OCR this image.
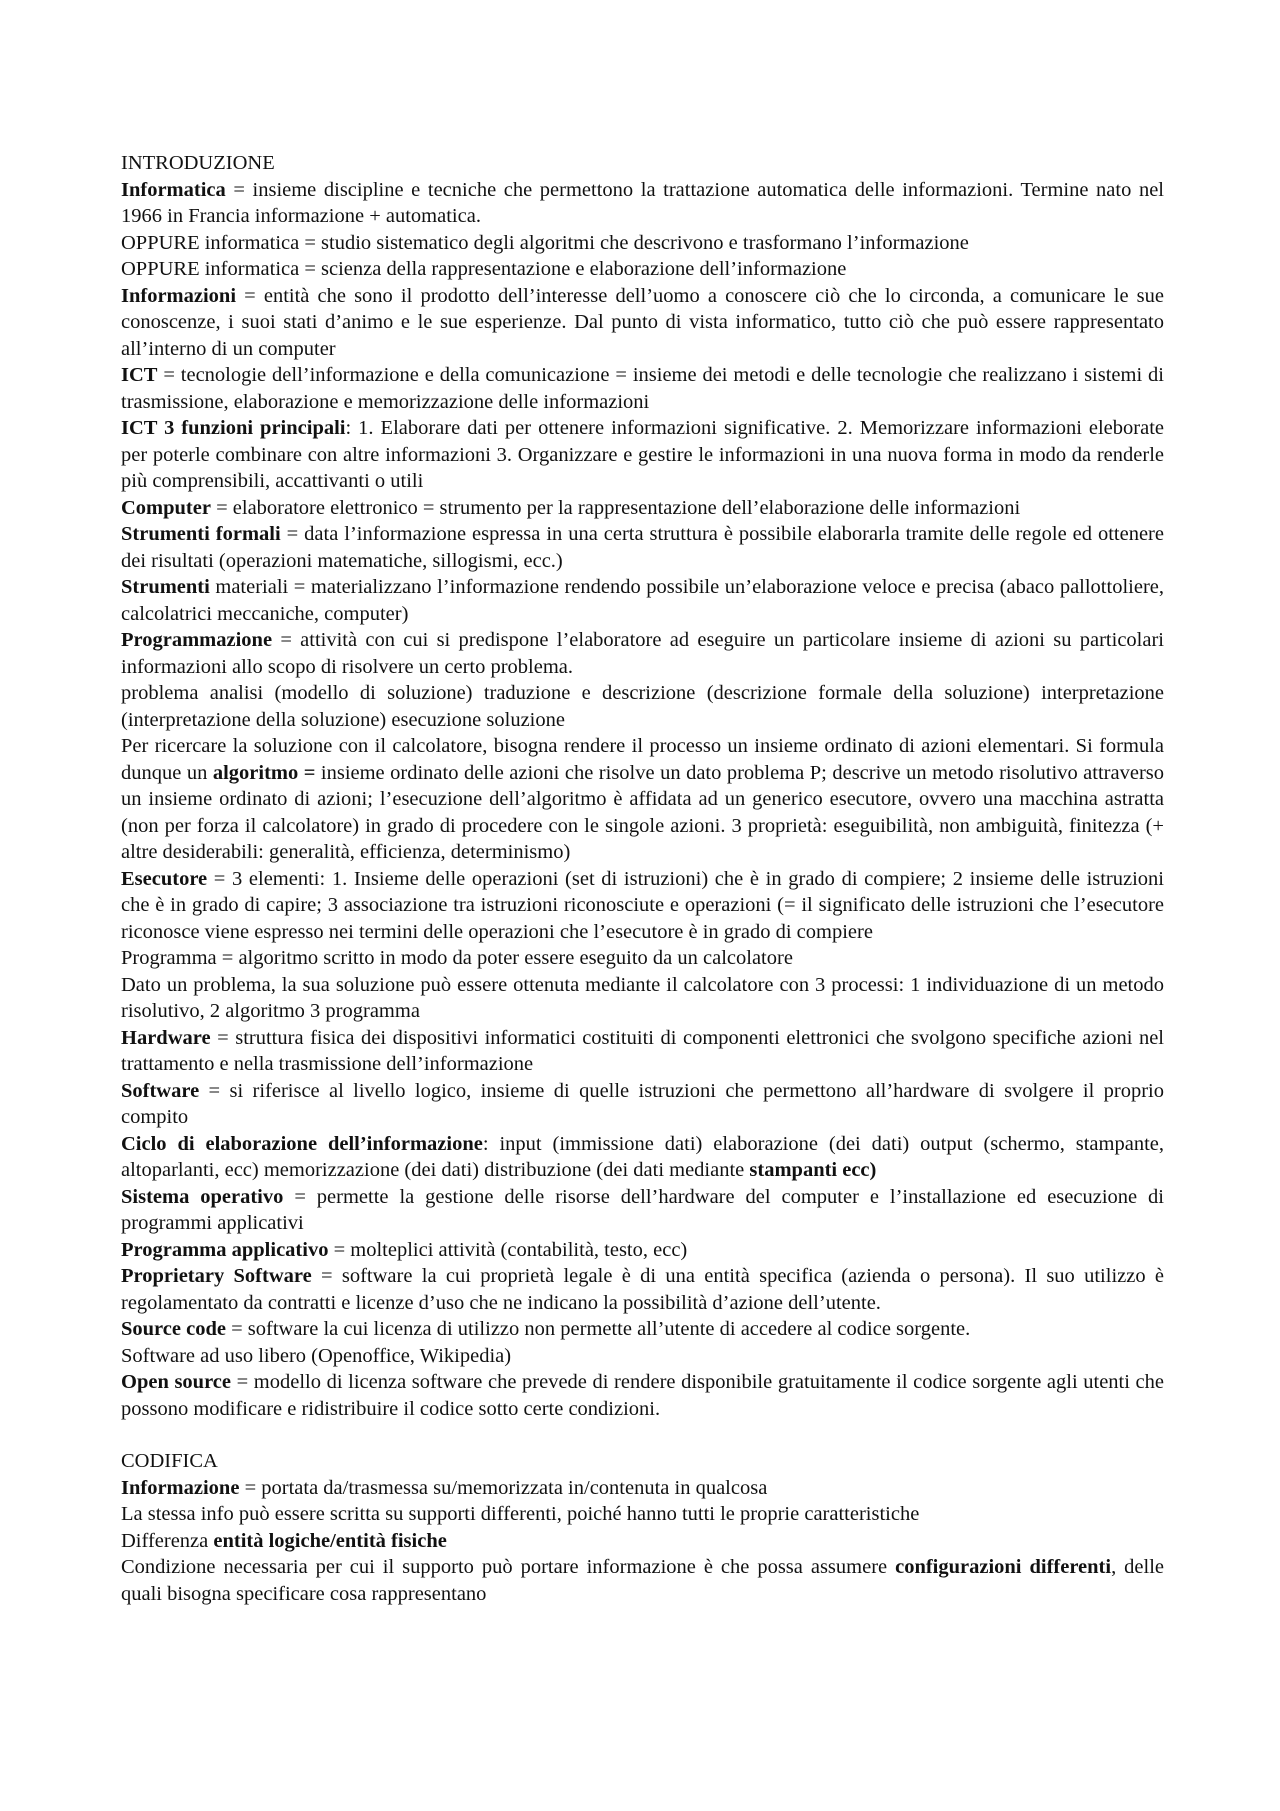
INTRODUZIONE

Informatica = insieme discipline e tecniche che permettono la trattazione automatica delle informazioni. Termine nato nel 1966 in Francia informazione + automatica.

OPPURE informatica = studio sistematico degli algoritmi che descrivono e trasformano l’informazione

OPPURE informatica = scienza della rappresentazione e elaborazione dell’informazione

Informazioni = entità che sono il prodotto dell’interesse dell’uomo a conoscere ciò che lo circonda, a comunicare le sue conoscenze, i suoi stati d’animo e le sue esperienze. Dal punto di vista informatico, tutto ciò che può essere rappresentato all’interno di un computer

ICT = tecnologie dell’informazione e della comunicazione = insieme dei metodi e delle tecnologie che realizzano i sistemi di trasmissione, elaborazione e memorizzazione delle informazioni

ICT 3 funzioni principali: 1. Elaborare dati per ottenere informazioni significative. 2. Memorizzare informazioni eleborate per poterle combinare con altre informazioni 3. Organizzare e gestire le informazioni in una nuova forma in modo da renderle più comprensibili, accattivanti o utili

Computer = elaboratore elettronico = strumento per la rappresentazione dell’elaborazione delle informazioni

Strumenti formali = data l’informazione espressa in una certa struttura è possibile elaborarla tramite delle regole ed ottenere dei risultati (operazioni matematiche, sillogismi, ecc.)

Strumenti materiali = materializzano l’informazione rendendo possibile un’elaborazione veloce e precisa (abaco pallottoliere, calcolatrici meccaniche, computer)

Programmazione = attività con cui si predispone l’elaboratore ad eseguire un particolare insieme di azioni su particolari informazioni allo scopo di risolvere un certo problema.

problema analisi (modello di soluzione) traduzione e descrizione (descrizione formale della soluzione) interpretazione (interpretazione della soluzione) esecuzione soluzione

Per ricercare la soluzione con il calcolatore, bisogna rendere il processo un insieme ordinato di azioni elementari. Si formula dunque un algoritmo = insieme ordinato delle azioni che risolve un dato problema P; descrive un metodo risolutivo attraverso un insieme ordinato di azioni; l’esecuzione dell’algoritmo è affidata ad un generico esecutore, ovvero una macchina astratta (non per forza il calcolatore) in grado di procedere con le singole azioni. 3 proprietà: eseguibilità, non ambiguità, finitezza (+ altre desiderabili: generalità, efficienza, determinismo)

Esecutore = 3 elementi: 1. Insieme delle operazioni (set di istruzioni) che è in grado di compiere; 2 insieme delle istruzioni che è in grado di capire; 3 associazione tra istruzioni riconosciute e operazioni (= il significato delle istruzioni che l’esecutore riconosce viene espresso nei termini delle operazioni che l’esecutore è in grado di compiere

Programma = algoritmo scritto in modo da poter essere eseguito da un calcolatore

Dato un problema, la sua soluzione può essere ottenuta mediante il calcolatore con 3 processi: 1 individuazione di un metodo risolutivo, 2 algoritmo 3 programma

Hardware = struttura fisica dei dispositivi informatici costituiti di componenti elettronici che svolgono specifiche azioni nel trattamento e nella trasmissione dell’informazione

Software = si riferisce al livello logico, insieme di quelle istruzioni che permettono all’hardware di svolgere il proprio compito

Ciclo di elaborazione dell’informazione: input (immissione dati) elaborazione (dei dati) output (schermo, stampante, altoparlanti, ecc) memorizzazione (dei dati) distribuzione (dei dati mediante stampanti ecc)

Sistema operativo = permette la gestione delle risorse dell’hardware del computer e l’installazione ed esecuzione di programmi applicativi

Programma applicativo = molteplici attività (contabilità, testo, ecc)

Proprietary Software = software la cui proprietà legale è di una entità specifica (azienda o persona). Il suo utilizzo è regolamentato da contratti e licenze d’uso che ne indicano la possibilità d’azione dell’utente.

Source code = software la cui licenza di utilizzo non permette all’utente di accedere al codice sorgente.

Software ad uso libero (Openoffice, Wikipedia)

Open source = modello di licenza software che prevede di rendere disponibile gratuitamente il codice sorgente agli utenti che possono modificare e ridistribuire il codice sotto certe condizioni.

CODIFICA

Informazione = portata da/trasmessa su/memorizzata in/contenuta in qualcosa

La stessa info può essere scritta su supporti differenti, poiché hanno tutti le proprie caratteristiche

Differenza entità logiche/entità fisiche

Condizione necessaria per cui il supporto può portare informazione è che possa assumere configurazioni differenti, delle quali bisogna specificare cosa rappresentano
